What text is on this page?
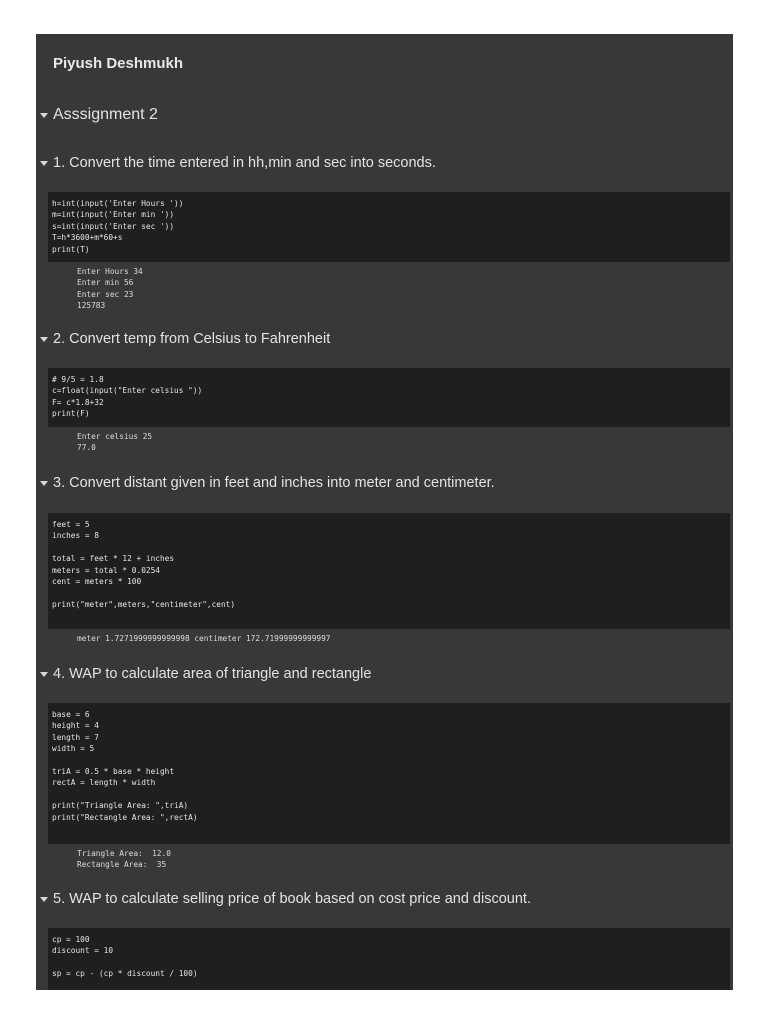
Piyush Deshmukh
Asssignment 2
1. Convert the time entered in hh,min and sec into seconds.
h=int(input('Enter Hours '))
m=int(input('Enter min '))
s=int(input('Enter sec '))
T=h*3600+m*60+s
print(T)
Enter Hours 34
Enter min 56
Enter sec 23
125783
2. Convert temp from Celsius to Fahrenheit
# 9/5 = 1.8
c=float(input("Enter celsius "))
F= c*1.8+32
print(F)
Enter celsius 25
77.0
3. Convert distant given in feet and inches into meter and centimeter.
feet = 5
inches = 8

total = feet * 12 + inches
meters = total * 0.0254
cent = meters * 100

print("meter",meters,"centimeter",cent)
meter 1.7271999999999998 centimeter 172.71999999999997
4. WAP to calculate area of triangle and rectangle
base = 6
height = 4
length = 7
width = 5

triA = 0.5 * base * height
rectA = length * width

print("Triangle Area: ",triA)
print("Rectangle Area: ",rectA)
Triangle Area:  12.0
Rectangle Area:  35
5. WAP to calculate selling price of book based on cost price and discount.
cp = 100
discount = 10

sp = cp - (cp * discount / 100)
